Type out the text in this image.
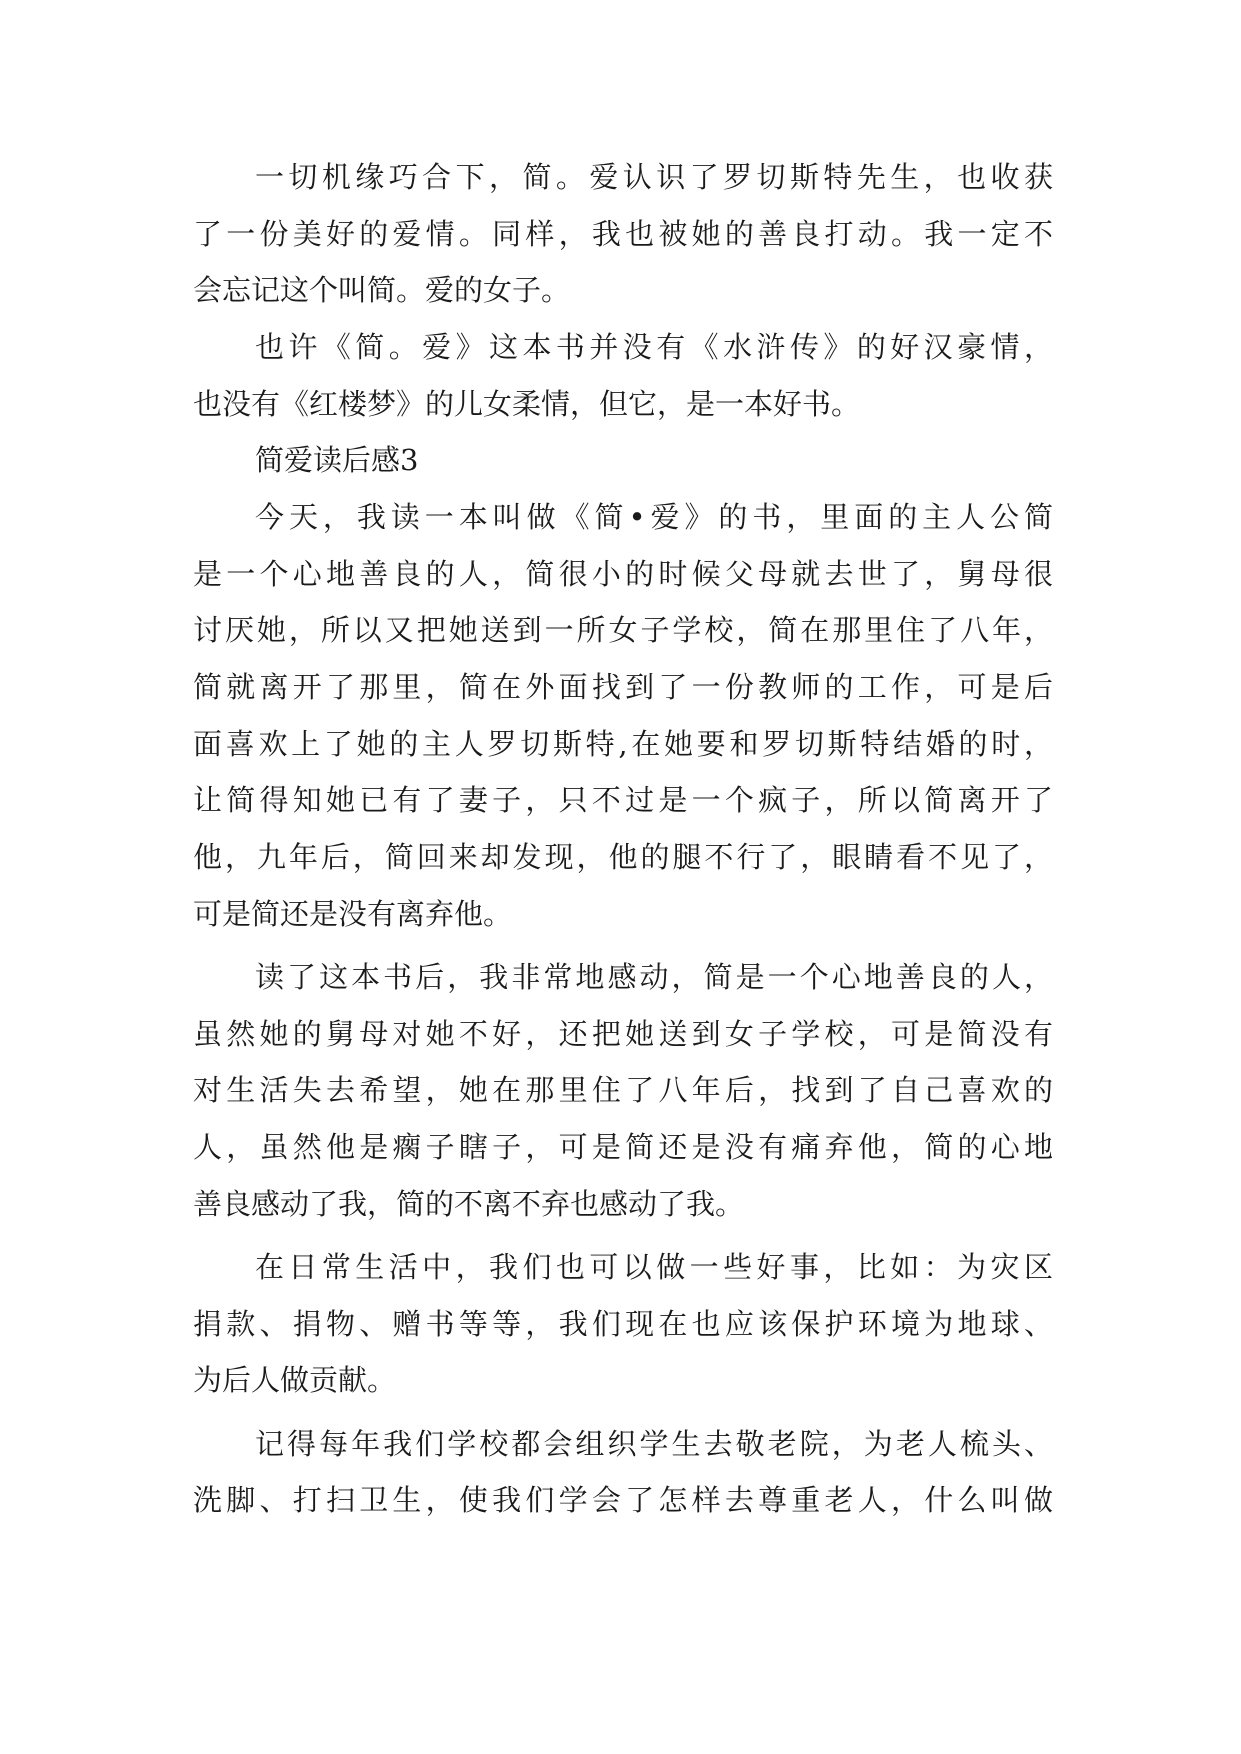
一切机缘巧合下，简。爱认识了罗切斯特先生，也收获
了一份美好的爱情。同样，我也被她的善良打动。我一定不
会忘记这个叫简。爱的女子。
也许《简。爱》这本书并没有《水浒传》的好汉豪情，
也没有《红楼梦》的儿女柔情，但它，是一本好书。
简爱读后感3
今天，我读一本叫做《简•爱》的书，里面的主人公简
是一个心地善良的人，简很小的时候父母就去世了，舅母很
讨厌她，所以又把她送到一所女子学校，简在那里住了八年，
简就离开了那里，简在外面找到了一份教师的工作，可是后
面喜欢上了她的主人罗切斯特,在她要和罗切斯特结婚的时，
让简得知她已有了妻子，只不过是一个疯子，所以简离开了
他，九年后，简回来却发现，他的腿不行了，眼睛看不见了，
可是简还是没有离弃他。
读了这本书后，我非常地感动，简是一个心地善良的人，
虽然她的舅母对她不好，还把她送到女子学校，可是简没有
对生活失去希望，她在那里住了八年后，找到了自己喜欢的
人，虽然他是瘸子瞎子，可是简还是没有痛弃他，简的心地
善良感动了我，简的不离不弃也感动了我。
在日常生活中，我们也可以做一些好事，比如：为灾区
捐款、捐物、赠书等等，我们现在也应该保护环境为地球、
为后人做贡献。
记得每年我们学校都会组织学生去敬老院，为老人梳头、
洗脚、打扫卫生，使我们学会了怎样去尊重老人，什么叫做
